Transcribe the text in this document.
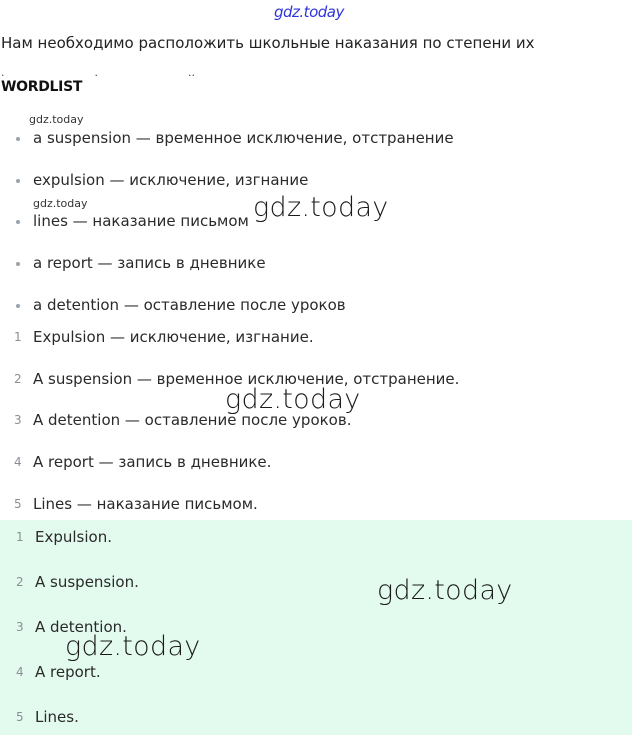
gdz.today
Нам необходимо расположить школьные наказания по степени их
·	·	··
WORDLIST
a suspension — временное исключение, отстранение
expulsion — исключение, изгнание
lines — наказание письмом
a report — запись в дневнике
a detention — оставление после уроков
1 Expulsion — исключение, изгнание.
2 A suspension — временное исключение, отстранение.
3 A detention — оставление после уроков.
4 A report — запись в дневнике.
5 Lines — наказание письмом.
1 Expulsion.
2 A suspension.
3 A detention.
4 A report.
5 Lines.
gdz.today
gdz.today	gdz.today
gdz.today
gdz.today
gdz.today
